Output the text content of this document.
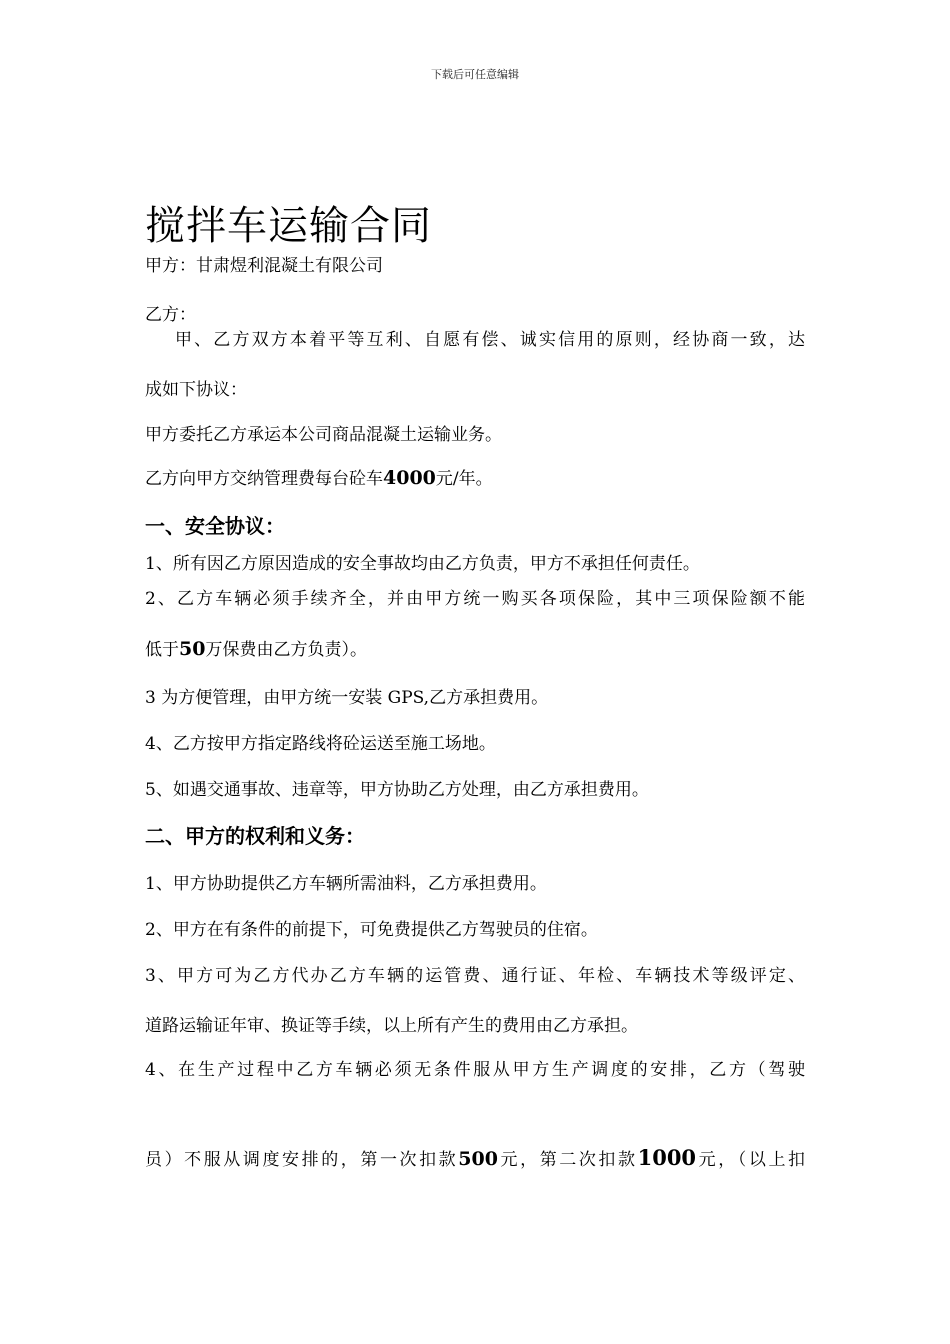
下载后可任意编辑
搅拌车运输合同
甲方：甘肃煜利混凝土有限公司
乙方：
甲、乙方双方本着平等互利、自愿有偿、诚实信用的原则，经协商一致，达
成如下协议：
甲方委托乙方承运本公司商品混凝土运输业务。
乙方向甲方交纳管理费每台砼车4000元/年。
一、安全协议：
1、所有因乙方原因造成的安全事故均由乙方负责，甲方不承担任何责任。
2、乙方车辆必须手续齐全，并由甲方统一购买各项保险，其中三项保险额不能
低于50万保费由乙方负责）。
3 为方便管理，由甲方统一安装 GPS,乙方承担费用。
4、乙方按甲方指定路线将砼运送至施工场地。
5、如遇交通事故、违章等，甲方协助乙方处理，由乙方承担费用。
二、甲方的权利和义务：
1、甲方协助提供乙方车辆所需油料，乙方承担费用。
2、甲方在有条件的前提下，可免费提供乙方驾驶员的住宿。
3、甲方可为乙方代办乙方车辆的运管费、通行证、年检、车辆技术等级评定、
道路运输证年审、换证等手续，以上所有产生的费用由乙方承担。
4、在生产过程中乙方车辆必须无条件服从甲方生产调度的安排，乙方（驾驶
员）不服从调度安排的，第一次扣款500元，第二次扣款1000元，（以上扣
